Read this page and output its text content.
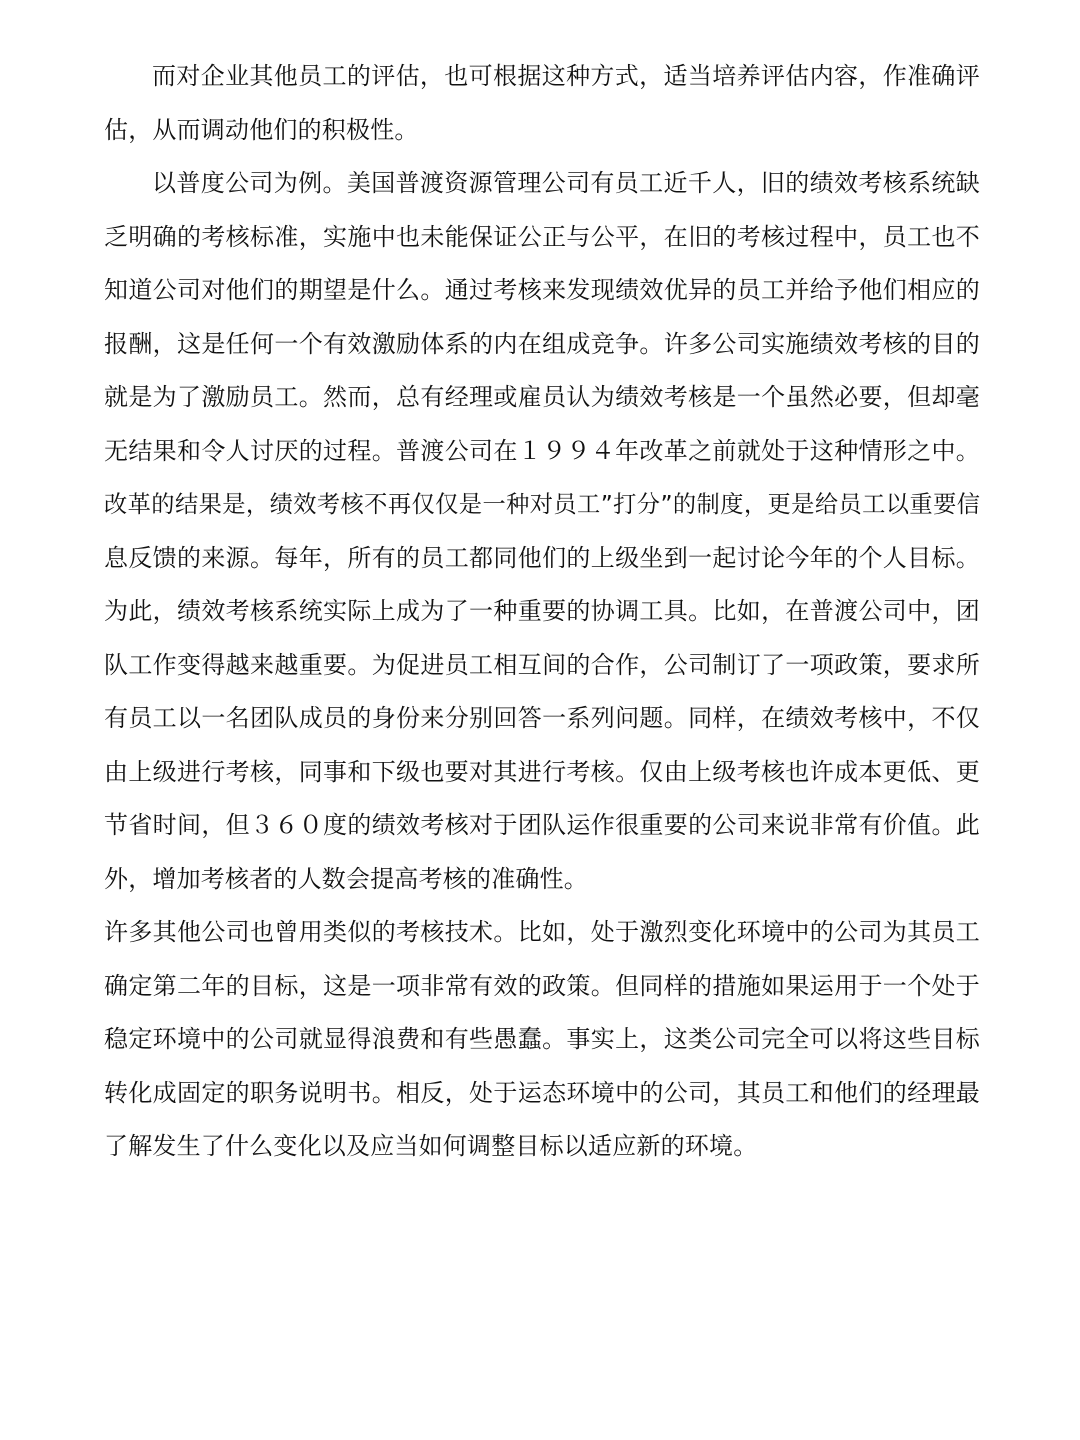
而对企业其他员工的评估，也可根据这种方式，适当培养评估内容，作准确评
估，从而调动他们的积极性。
以普度公司为例。美国普渡资源管理公司有员工近千人，旧的绩效考核系统缺
乏明确的考核标准，实施中也未能保证公正与公平，在旧的考核过程中，员工也不
知道公司对他们的期望是什么。通过考核来发现绩效优异的员工并给予他们相应的
报酬，这是任何一个有效激励体系的内在组成竞争。许多公司实施绩效考核的目的
就是为了激励员工。然而，总有经理或雇员认为绩效考核是一个虽然必要，但却毫
无结果和令人讨厌的过程。普渡公司在１９９４年改革之前就处于这种情形之中。
改革的结果是，绩效考核不再仅仅是一种对员工”打分”的制度，更是给员工以重要信
息反馈的来源。每年，所有的员工都同他们的上级坐到一起讨论今年的个人目标。
为此，绩效考核系统实际上成为了一种重要的协调工具。比如，在普渡公司中，团
队工作变得越来越重要。为促进员工相互间的合作，公司制订了一项政策，要求所
有员工以一名团队成员的身份来分别回答一系列问题。同样，在绩效考核中，不仅
由上级进行考核，同事和下级也要对其进行考核。仅由上级考核也许成本更低、更
节省时间，但３６０度的绩效考核对于团队运作很重要的公司来说非常有价值。此
外，增加考核者的人数会提高考核的准确性。
许多其他公司也曾用类似的考核技术。比如，处于激烈变化环境中的公司为其员工
确定第二年的目标，这是一项非常有效的政策。但同样的措施如果运用于一个处于
稳定环境中的公司就显得浪费和有些愚蠢。事实上，这类公司完全可以将这些目标
转化成固定的职务说明书。相反，处于运态环境中的公司，其员工和他们的经理最
了解发生了什么变化以及应当如何调整目标以适应新的环境。
